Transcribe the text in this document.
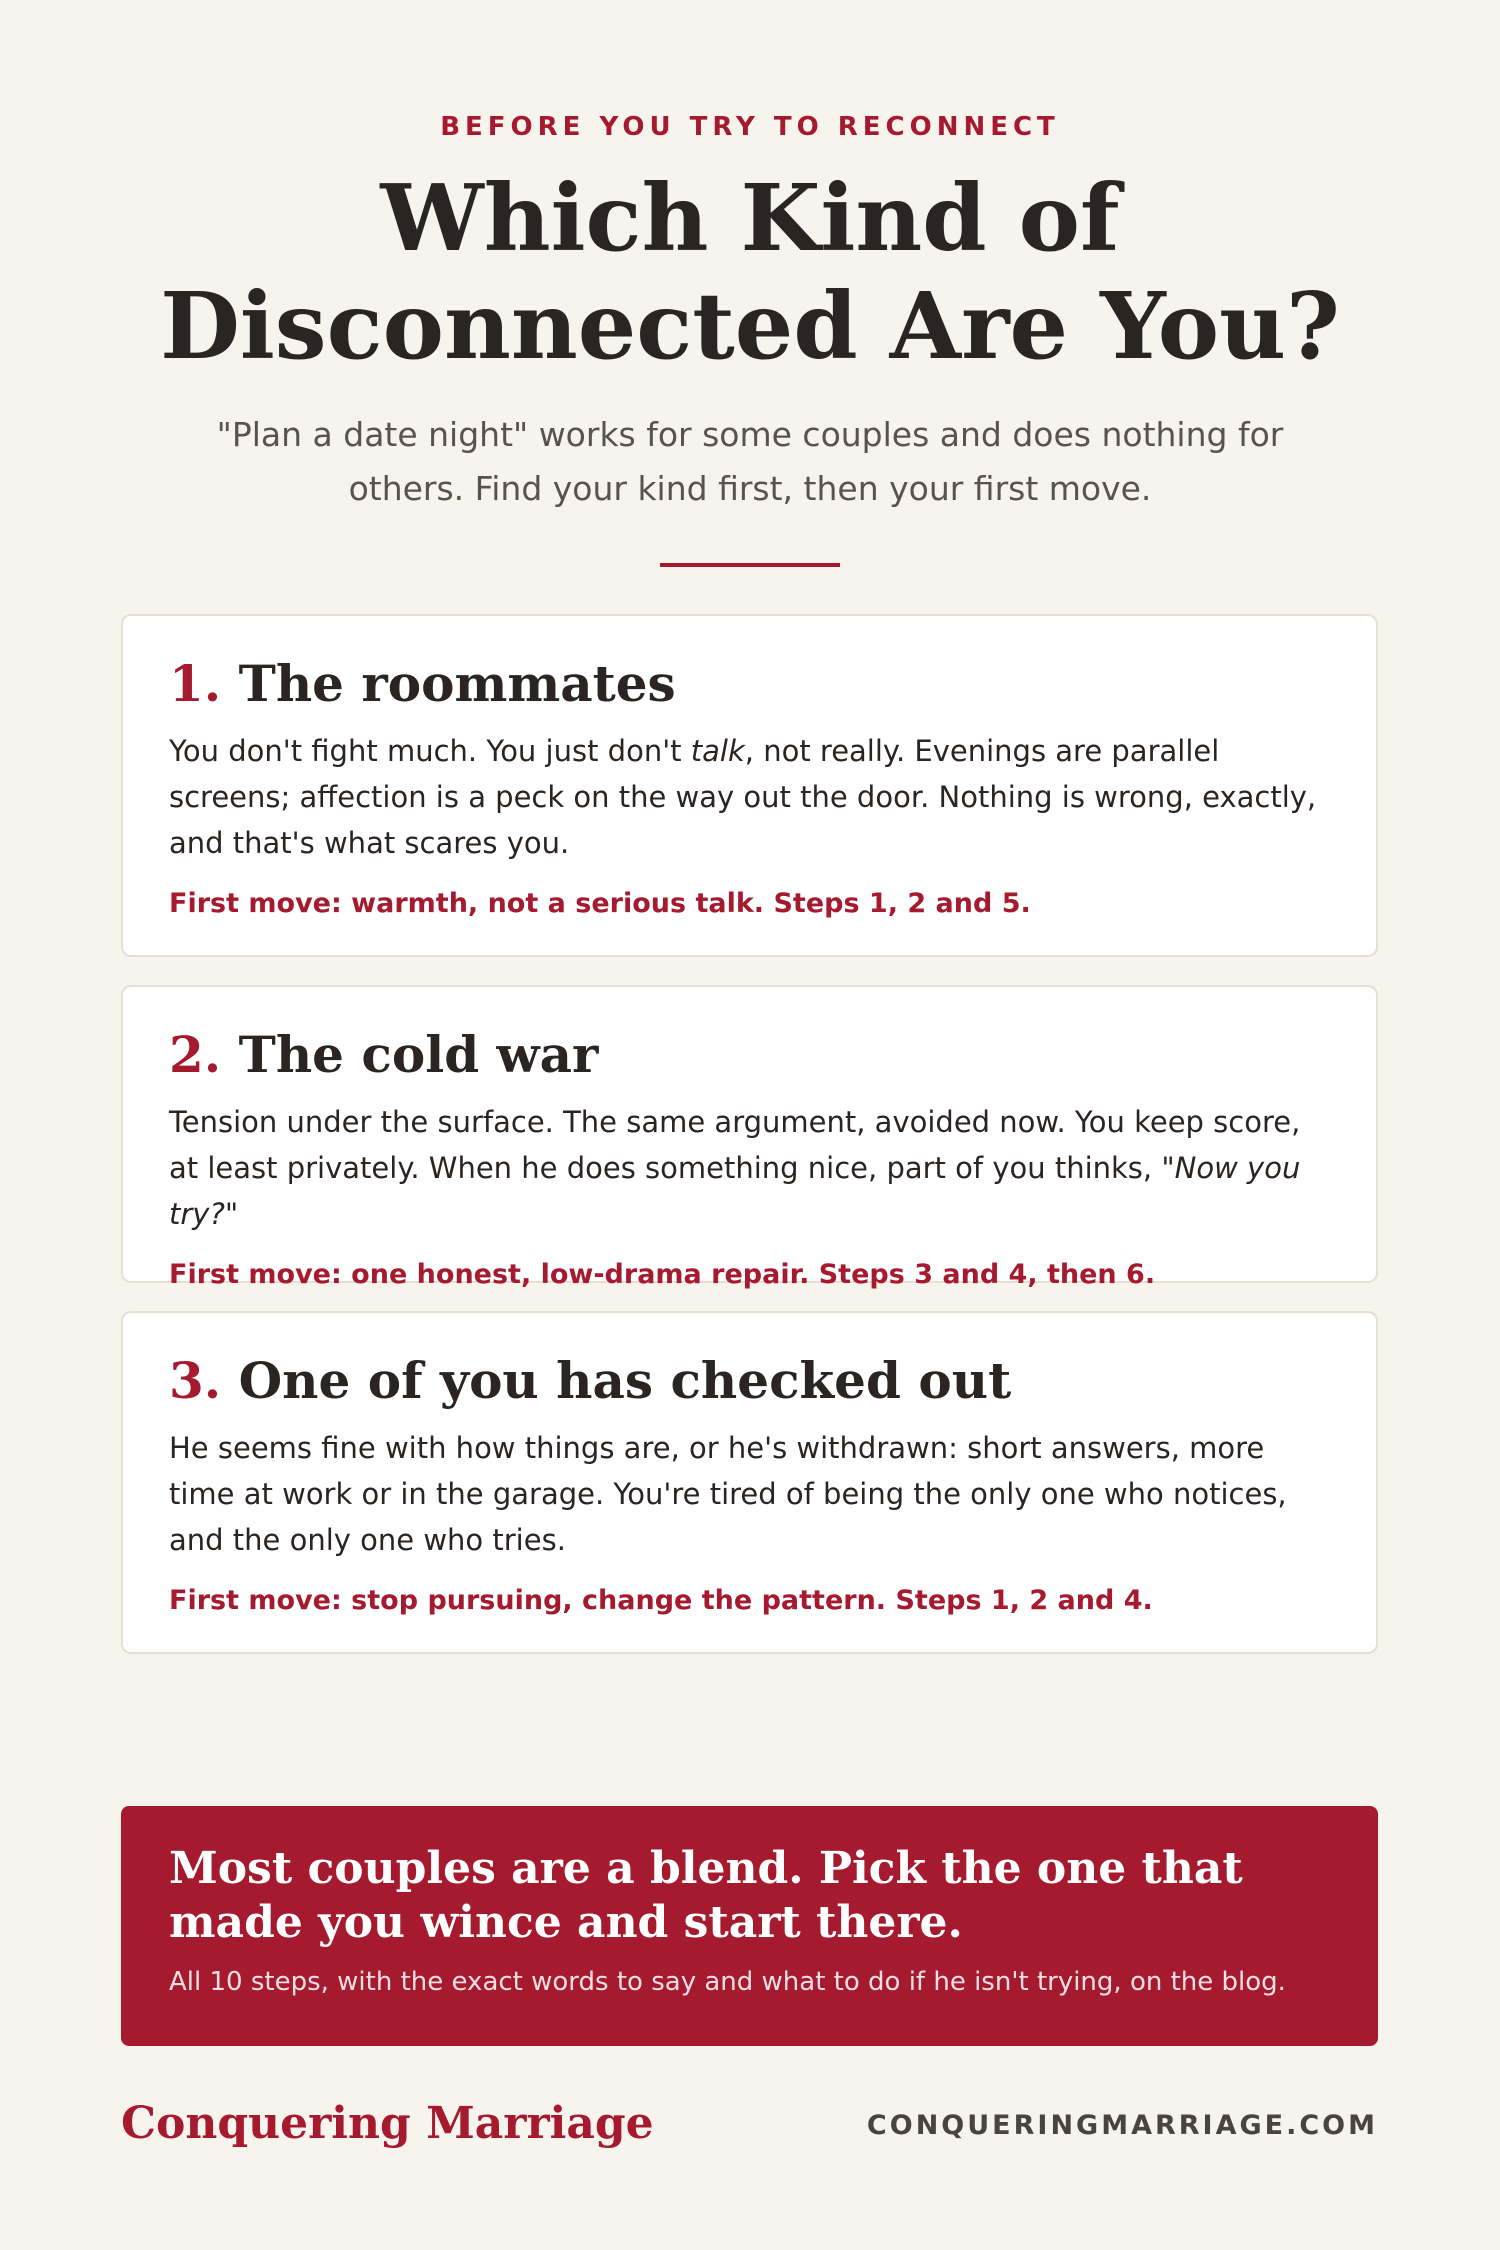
BEFORE YOU TRY TO RECONNECT
Which Kind of
Disconnected Are You?

"Plan a date night" works for some couples and does nothing for others. Find your kind first, then your first move.

1. The roommates

You don't fight much. You just don't talk, not really. Evenings are parallel screens; affection is a peck on the way out the door. Nothing is wrong, exactly, and that's what scares you.

First move: warmth, not a serious talk. Steps 1, 2 and 5.

2. The cold war

Tension under the surface. The same argument, avoided now. You keep score, at least privately. When he does something nice, part of you thinks, "Now you try?"

First move: one honest, low-drama repair. Steps 3 and 4, then 6.

3. One of you has checked out

He seems fine with how things are, or he's withdrawn: short answers, more time at work or in the garage. You're tired of being the only one who notices, and the only one who tries.

First move: stop pursuing, change the pattern. Steps 1, 2 and 4.

Most couples are a blend. Pick the one that made you wince and start there.

All 10 steps, with the exact words to say and what to do if he isn't trying, on the blog.

Conquering Marriage	CONQUERINGMARRIAGE.COM
